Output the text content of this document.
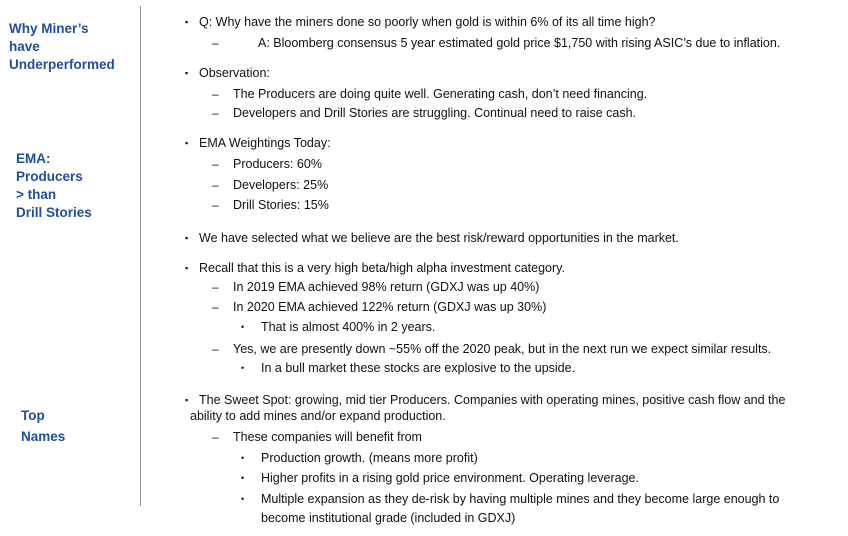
Why Miner’s
have
Underperformed
EMA:
Producers
> than
Drill Stories
Top
Names
▪ Q: Why have the miners done so poorly when gold is within 6% of its all time high?
–	A: Bloomberg consensus 5 year estimated gold price $1,750 with rising ASIC’s due to inflation.
▪ Observation:
– The Producers are doing quite well. Generating cash, don’t need financing.
– Developers and Drill Stories are struggling. Continual need to raise cash.
▪ EMA Weightings Today:
– Producers: 60%
– Developers: 25%
– Drill Stories: 15%
▪ We have selected what we believe are the best risk/reward opportunities in the market.
▪ Recall that this is a very high beta/high alpha investment category.
– In 2019 EMA achieved 98% return (GDXJ was up 40%)
– In 2020 EMA achieved 122% return (GDXJ was up 30%)
• That is almost 400% in 2 years.
– Yes, we are presently down ~55% off the 2020 peak, but in the next run we expect similar results.
• In a bull market these stocks are explosive to the upside.
▪ The Sweet Spot: growing, mid tier Producers. Companies with operating mines, positive cash flow and the
ability to add mines and/or expand production.
– These companies will benefit from
• Production growth. (means more profit)
• Higher profits in a rising gold price environment. Operating leverage.
• Multiple expansion as they de-risk by having multiple mines and they become large enough to
become institutional grade (included in GDXJ)
